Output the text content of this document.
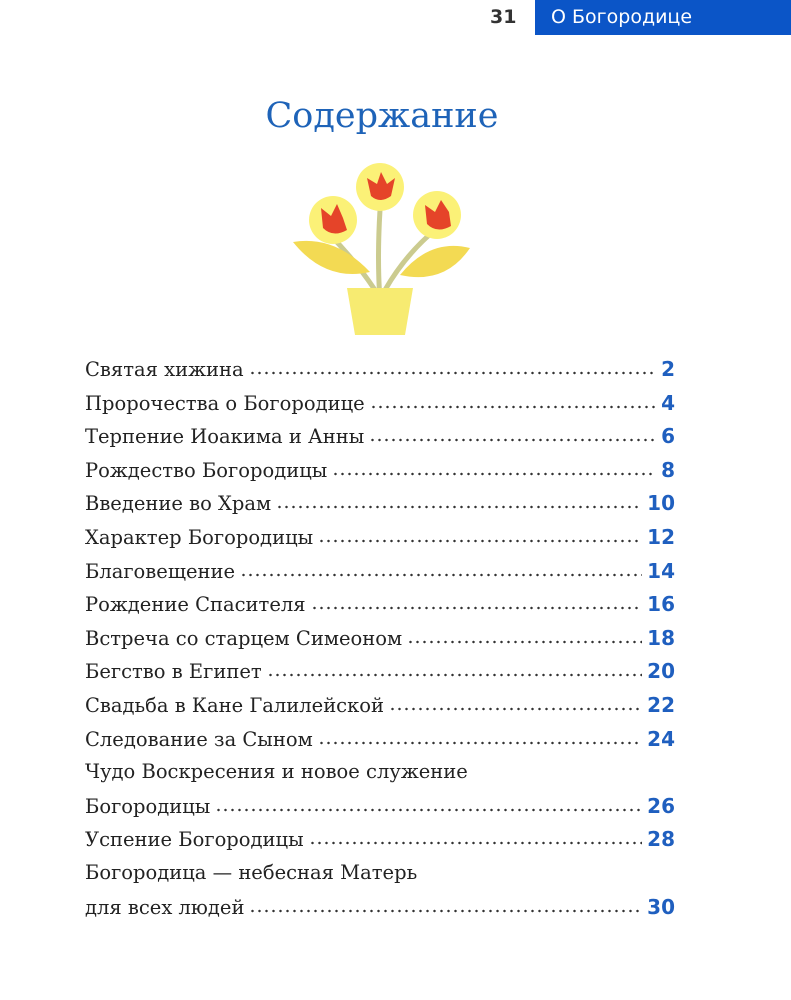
31	О Богородице
Содержание
Святая хижина	2
Пророчества о Богородице	4
Терпение Иоакима и Анны	6
Рождество Богородицы	8
Введение во Храм	10
Характер Богородицы	12
Благовещение	14
Рождение Спасителя	16
Встреча со старцем Симеоном	18
Бегство в Египет	20
Свадьба в Кане Галилейской	22
Следование за Сыном	24
Чудо Воскресения и новое служение
Богородицы	26
Успение Богородицы	28
Богородица — небесная Матерь
для всех людей	30
